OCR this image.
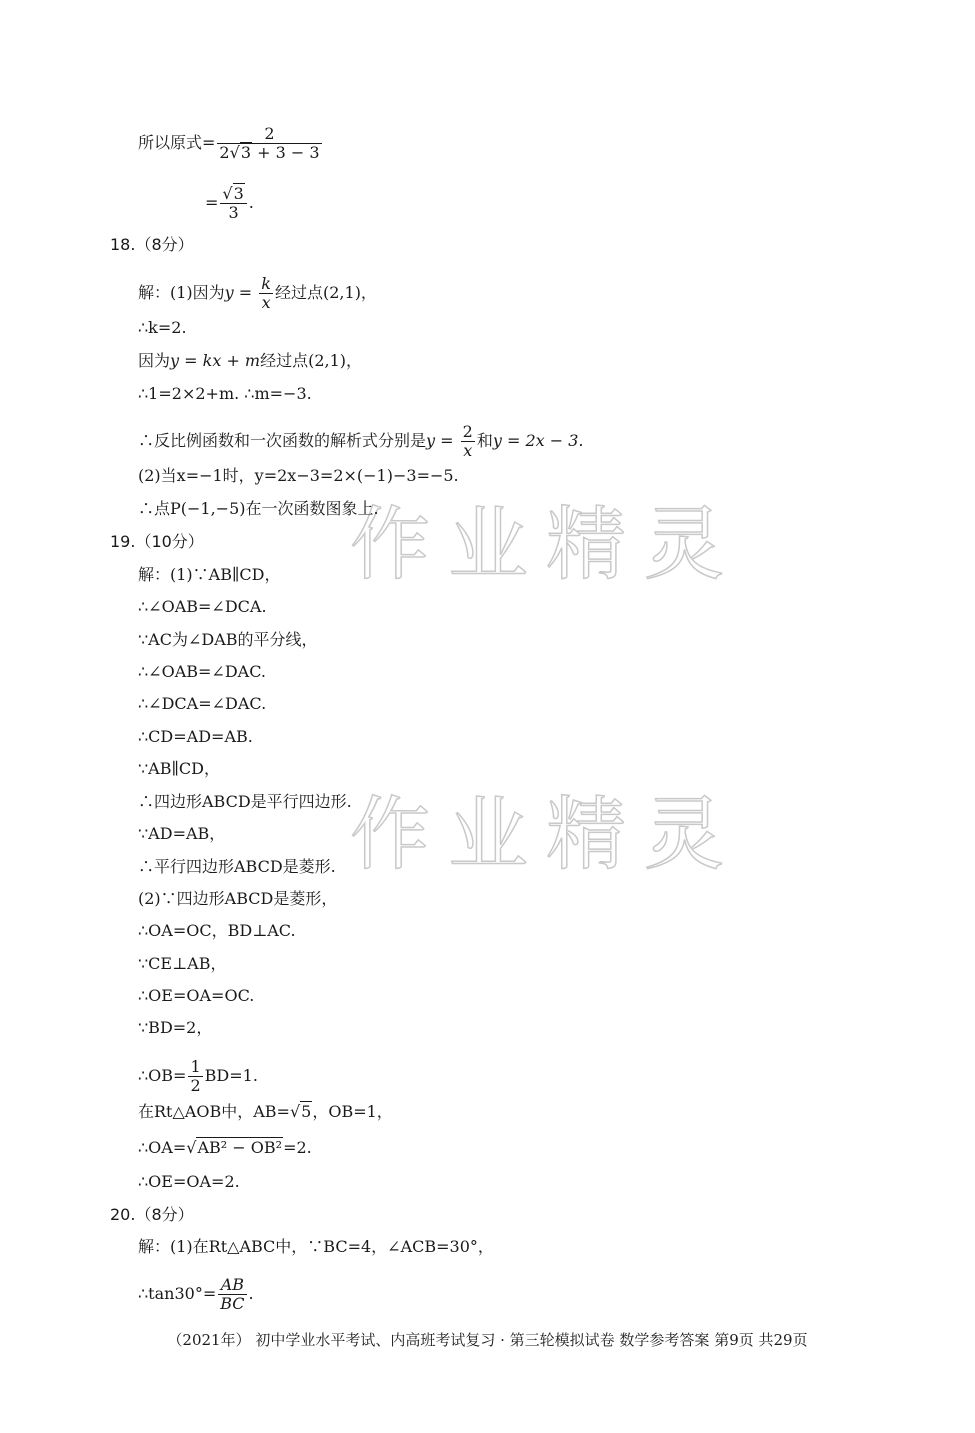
作业精灵
作业精灵
所以原式= $\frac{2}{2√3 + 3 - 3}$
= $\frac{√3}{3}$ .
18.（8分）
解：(1)因为$y = \frac{k}{x}$ 经过点(2,1)，
∴k=2.
因为y = kx + m经过点(2,1)，
∴1=2×2+m. ∴m=−3.
∴反比例函数和一次函数的解析式分别是$y = \frac{2}{x}$ 和y = 2x − 3.
(2)当x=−1时，y=2x−3=2×(−1)−3=−5.
∴点P(−1,−5)在一次函数图象上.
19.（10分）
解：(1)∵AB∥CD，
∴∠OAB=∠DCA.
∵AC为∠DAB的平分线，
∴∠OAB=∠DAC.
∴∠DCA=∠DAC.
∴CD=AD=AB.
∵AB∥CD，
∴四边形ABCD是平行四边形.
∵AD=AB，
∴平行四边形ABCD是菱形.
(2)∵四边形ABCD是菱形，
∴OA=OC，BD⊥AC.
∵CE⊥AB，
∴OE=OA=OC.
∵BD=2，
∴OB= $\frac{1}{2} BD=1$.
在Rt△AOB中，AB=√5，OB=1，
∴OA=√AB² − OB²=2.
∴OE=OA=2.
20.（8分）
解：(1)在Rt△ABC中，∵BC=4，∠ACB=30°，
∴tan30°= $\frac{AB}{BC}$ .
（2021年） 初中学业水平考试、内高班考试复习 · 第三轮模拟试卷 数学参考答案 第9页 共29页
